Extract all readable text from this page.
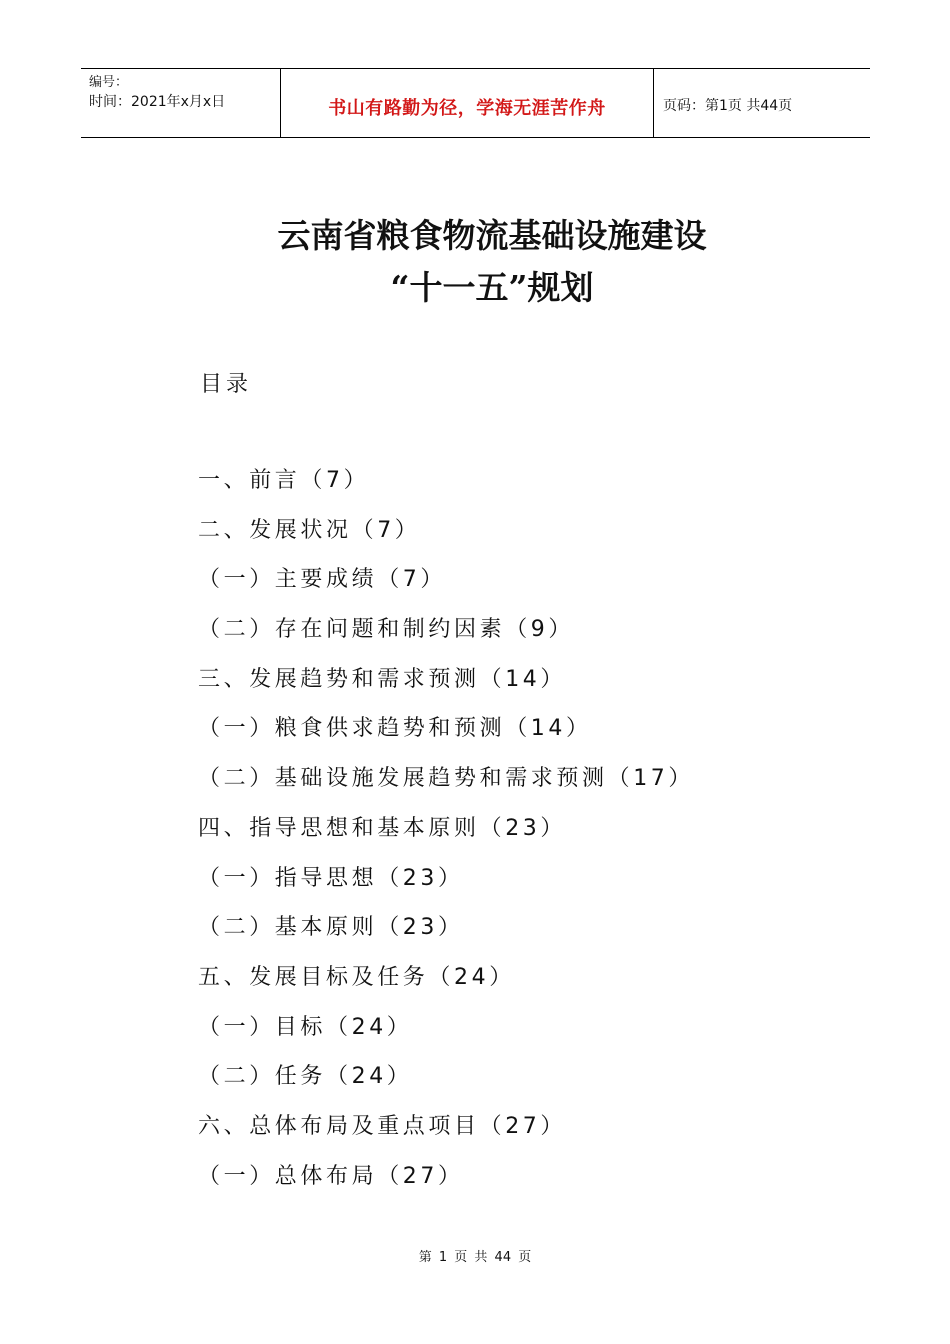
编号：
时间：2021年x月x日	书山有路勤为径，学海无涯苦作舟	页码：第1页 共44页
云南省粮食物流基础设施建设
“十一五”规划
目录
一、前言（7）
二、发展状况（7）
（一）主要成绩（7）
（二）存在问题和制约因素（9）
三、发展趋势和需求预测（14）
（一）粮食供求趋势和预测（14）
（二）基础设施发展趋势和需求预测（17）
四、指导思想和基本原则（23）
（一）指导思想（23）
（二）基本原则（23）
五、发展目标及任务（24）
（一）目标（24）
（二）任务（24）
六、总体布局及重点项目（27）
（一）总体布局（27）
第 1 页 共 44 页
